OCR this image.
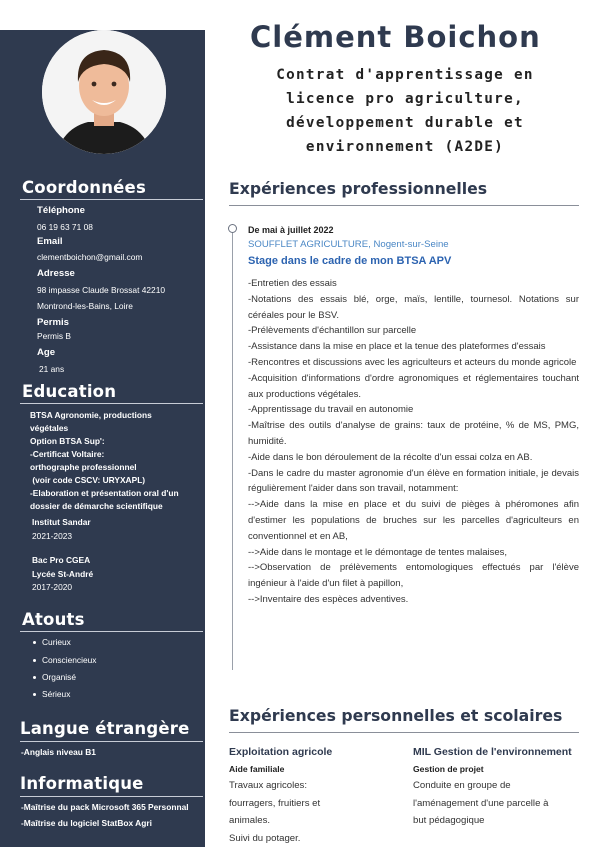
Coordonnées
Téléphone
06 19 63 71 08
Email
clementboichon@gmail.com
Adresse
98 impasse Claude Brossat 42210
Montrond-les-Bains, Loire
Permis
Permis B
Age
21 ans
Education
BTSA Agronomie, productions
végétales
Option BTSA Sup':
-Certificat Voltaire:
orthographe professionnel
(voir code CSCV: URYXAPL)
-Elaboration et présentation oral d'un
dossier de démarche scientifique
Institut Sandar
2021-2023
Bac Pro CGEA
Lycée St-André
2017-2020
Atouts
Curieux
Consciencieux
Organisé
Sérieux
Langue étrangère
-Anglais niveau B1
Informatique
-Maîtrise du pack Microsoft 365 Personnal
-Maîtrise du logiciel StatBox Agri
Clément Boichon
Contrat d'apprentissage en
licence pro agriculture,
développement durable et
environnement (A2DE)
Expériences professionnelles
De mai à juillet 2022
SOUFFLET AGRICULTURE, Nogent-sur-Seine
Stage dans le cadre de mon BTSA APV

-Entretien des essais

-Notations des essais blé, orge, maïs, lentille, tournesol. Notations sur céréales pour le BSV.

-Prélèvements d'échantillon sur parcelle

-Assistance dans la mise en place et la tenue des plateformes d'essais

-Rencontres et discussions avec les agriculteurs et acteurs du monde agricole

-Acquisition d'informations d'ordre agronomiques et réglementaires touchant aux productions végétales.

-Apprentissage du travail en autonomie

-Maîtrise des outils d'analyse de grains: taux de protéine, % de MS, PMG, humidité.

-Aide dans le bon déroulement de la récolte d'un essai colza en AB.

-Dans le cadre du master agronomie d'un élève en formation initiale, je devais régulièrement l'aider dans son travail, notamment:

-->Aide dans la mise en place et du suivi de pièges à phéromones afin d'estimer les populations de bruches sur les parcelles d'agriculteurs en conventionnel et en AB,

-->Aide dans le montage et le démontage de tentes malaises,

-->Observation de prélèvements entomologiques effectués par l'élève ingénieur à l'aide d'un filet à papillon,

-->Inventaire des espèces adventives.

Expériences personnelles et scolaires
Exploitation agricole
Aide familiale
Travaux agricoles:
fourragers, fruitiers et
animales.
Suivi du potager.
MIL Gestion de l'environnement
Gestion de projet
Conduite en groupe de
l'aménagement d'une parcelle à
but pédagogique
